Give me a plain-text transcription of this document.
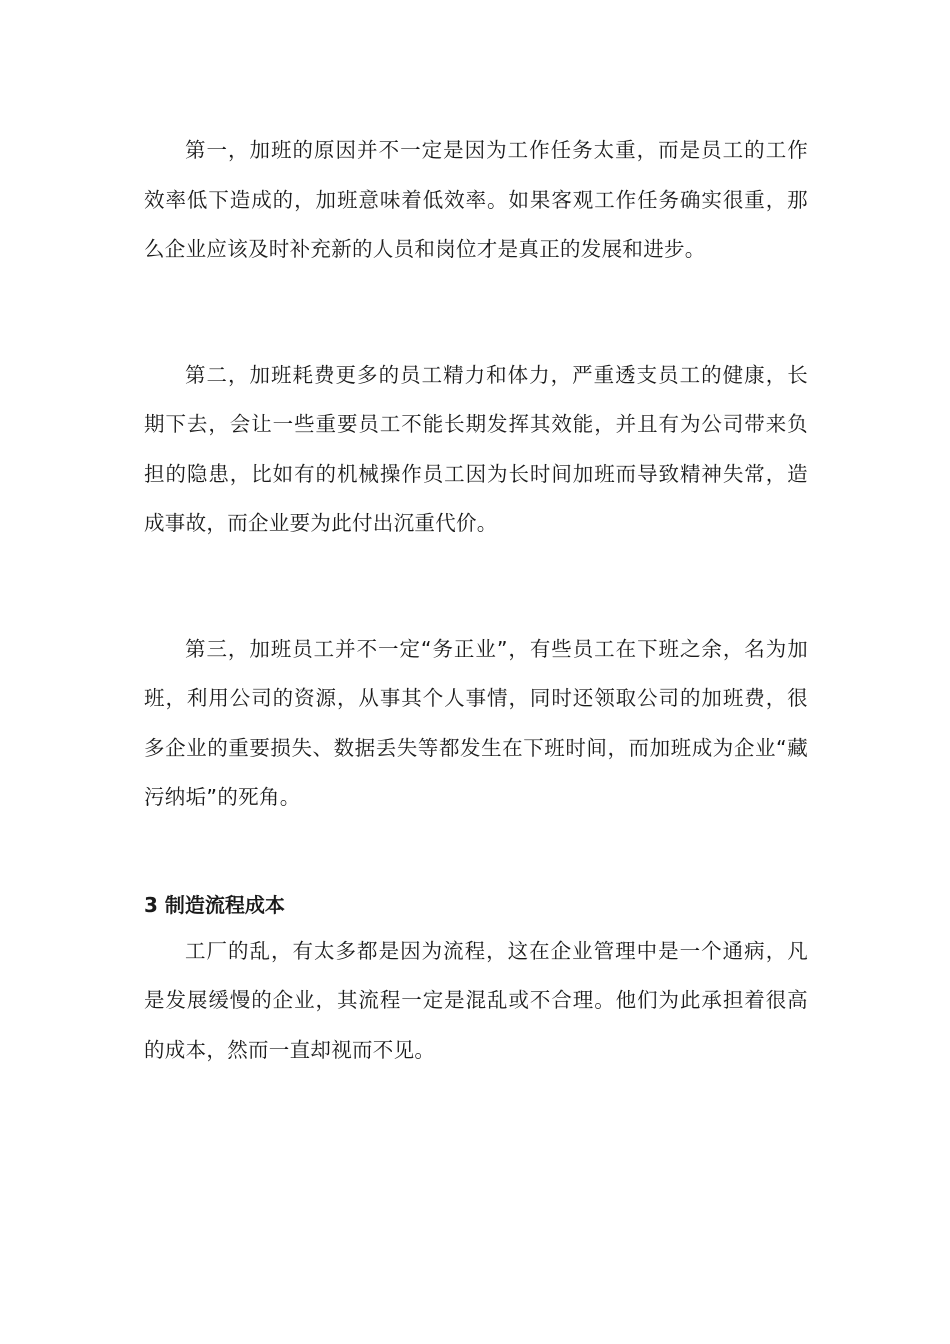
第一，加班的原因并不一定是因为工作任务太重，而是员工的工作效率低下造成的，加班意味着低效率。如果客观工作任务确实很重，那么企业应该及时补充新的人员和岗位才是真正的发展和进步。

第二，加班耗费更多的员工精力和体力，严重透支员工的健康，长期下去，会让一些重要员工不能长期发挥其效能，并且有为公司带来负担的隐患，比如有的机械操作员工因为长时间加班而导致精神失常，造成事故，而企业要为此付出沉重代价。

第三，加班员工并不一定“务正业”，有些员工在下班之余，名为加班，利用公司的资源，从事其个人事情，同时还领取公司的加班费，很多企业的重要损失、数据丢失等都发生在下班时间，而加班成为企业“藏污纳垢”的死角。

3 制造流程成本

工厂的乱，有太多都是因为流程，这在企业管理中是一个通病，凡是发展缓慢的企业，其流程一定是混乱或不合理。他们为此承担着很高的成本，然而一直却视而不见。
